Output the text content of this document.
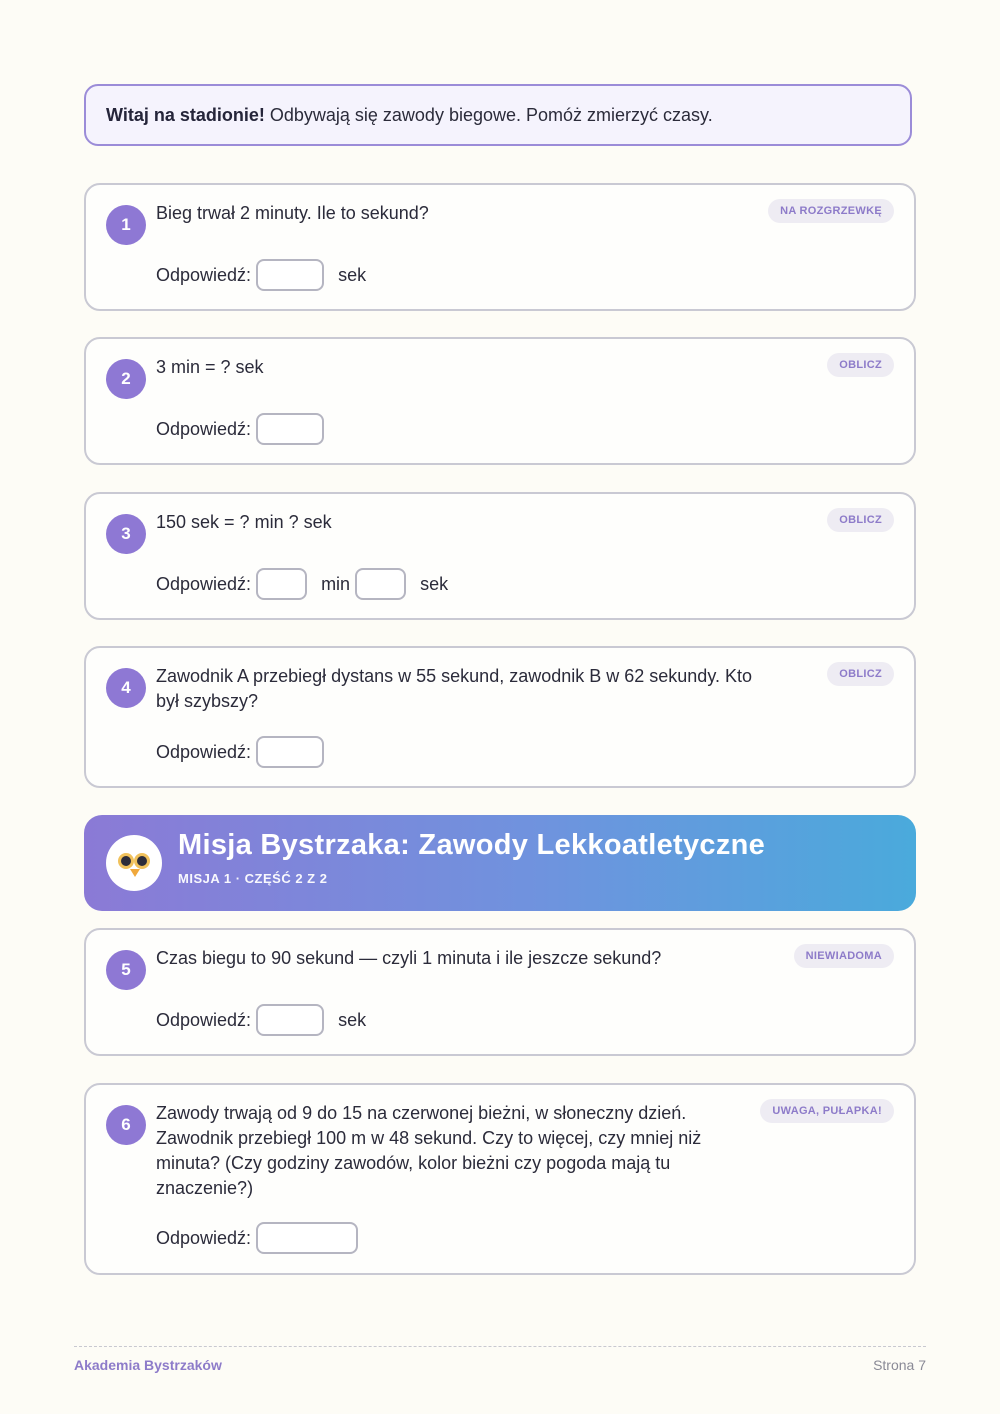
Witaj na stadionie! Odbywają się zawody biegowe. Pomóż zmierzyć czasy.
1
Bieg trwał 2 minuty. Ile to sekund?	NA ROZGRZEWKĘ
Odpowiedź:	sek
2
3 min = ? sek	OBLICZ
Odpowiedź:
3
150 sek = ? min ? sek	OBLICZ
Odpowiedź:	min	sek
4
Zawodnik A przebiegł dystans w 55 sekund, zawodnik B w 62 sekundy. Kto był szybszy?
OBLICZ
Odpowiedź:
Misja Bystrzaka: Zawody Lekkoatletyczne
MISJA 1 · CZĘŚĆ 2 Z 2
5
Czas biegu to 90 sekund — czyli 1 minuta i ile jeszcze sekund?	NIEWIADOMA
Odpowiedź:	sek
6
Zawody trwają od 9 do 15 na czerwonej bieżni, w słoneczny dzień. Zawodnik przebiegł 100 m w 48 sekund. Czy to więcej, czy mniej niż minuta? (Czy godziny zawodów, kolor bieżni czy pogoda mają tu znaczenie?)
UWAGA, PUŁAPKA!
Odpowiedź:
Akademia Bystrzaków	Strona 7
